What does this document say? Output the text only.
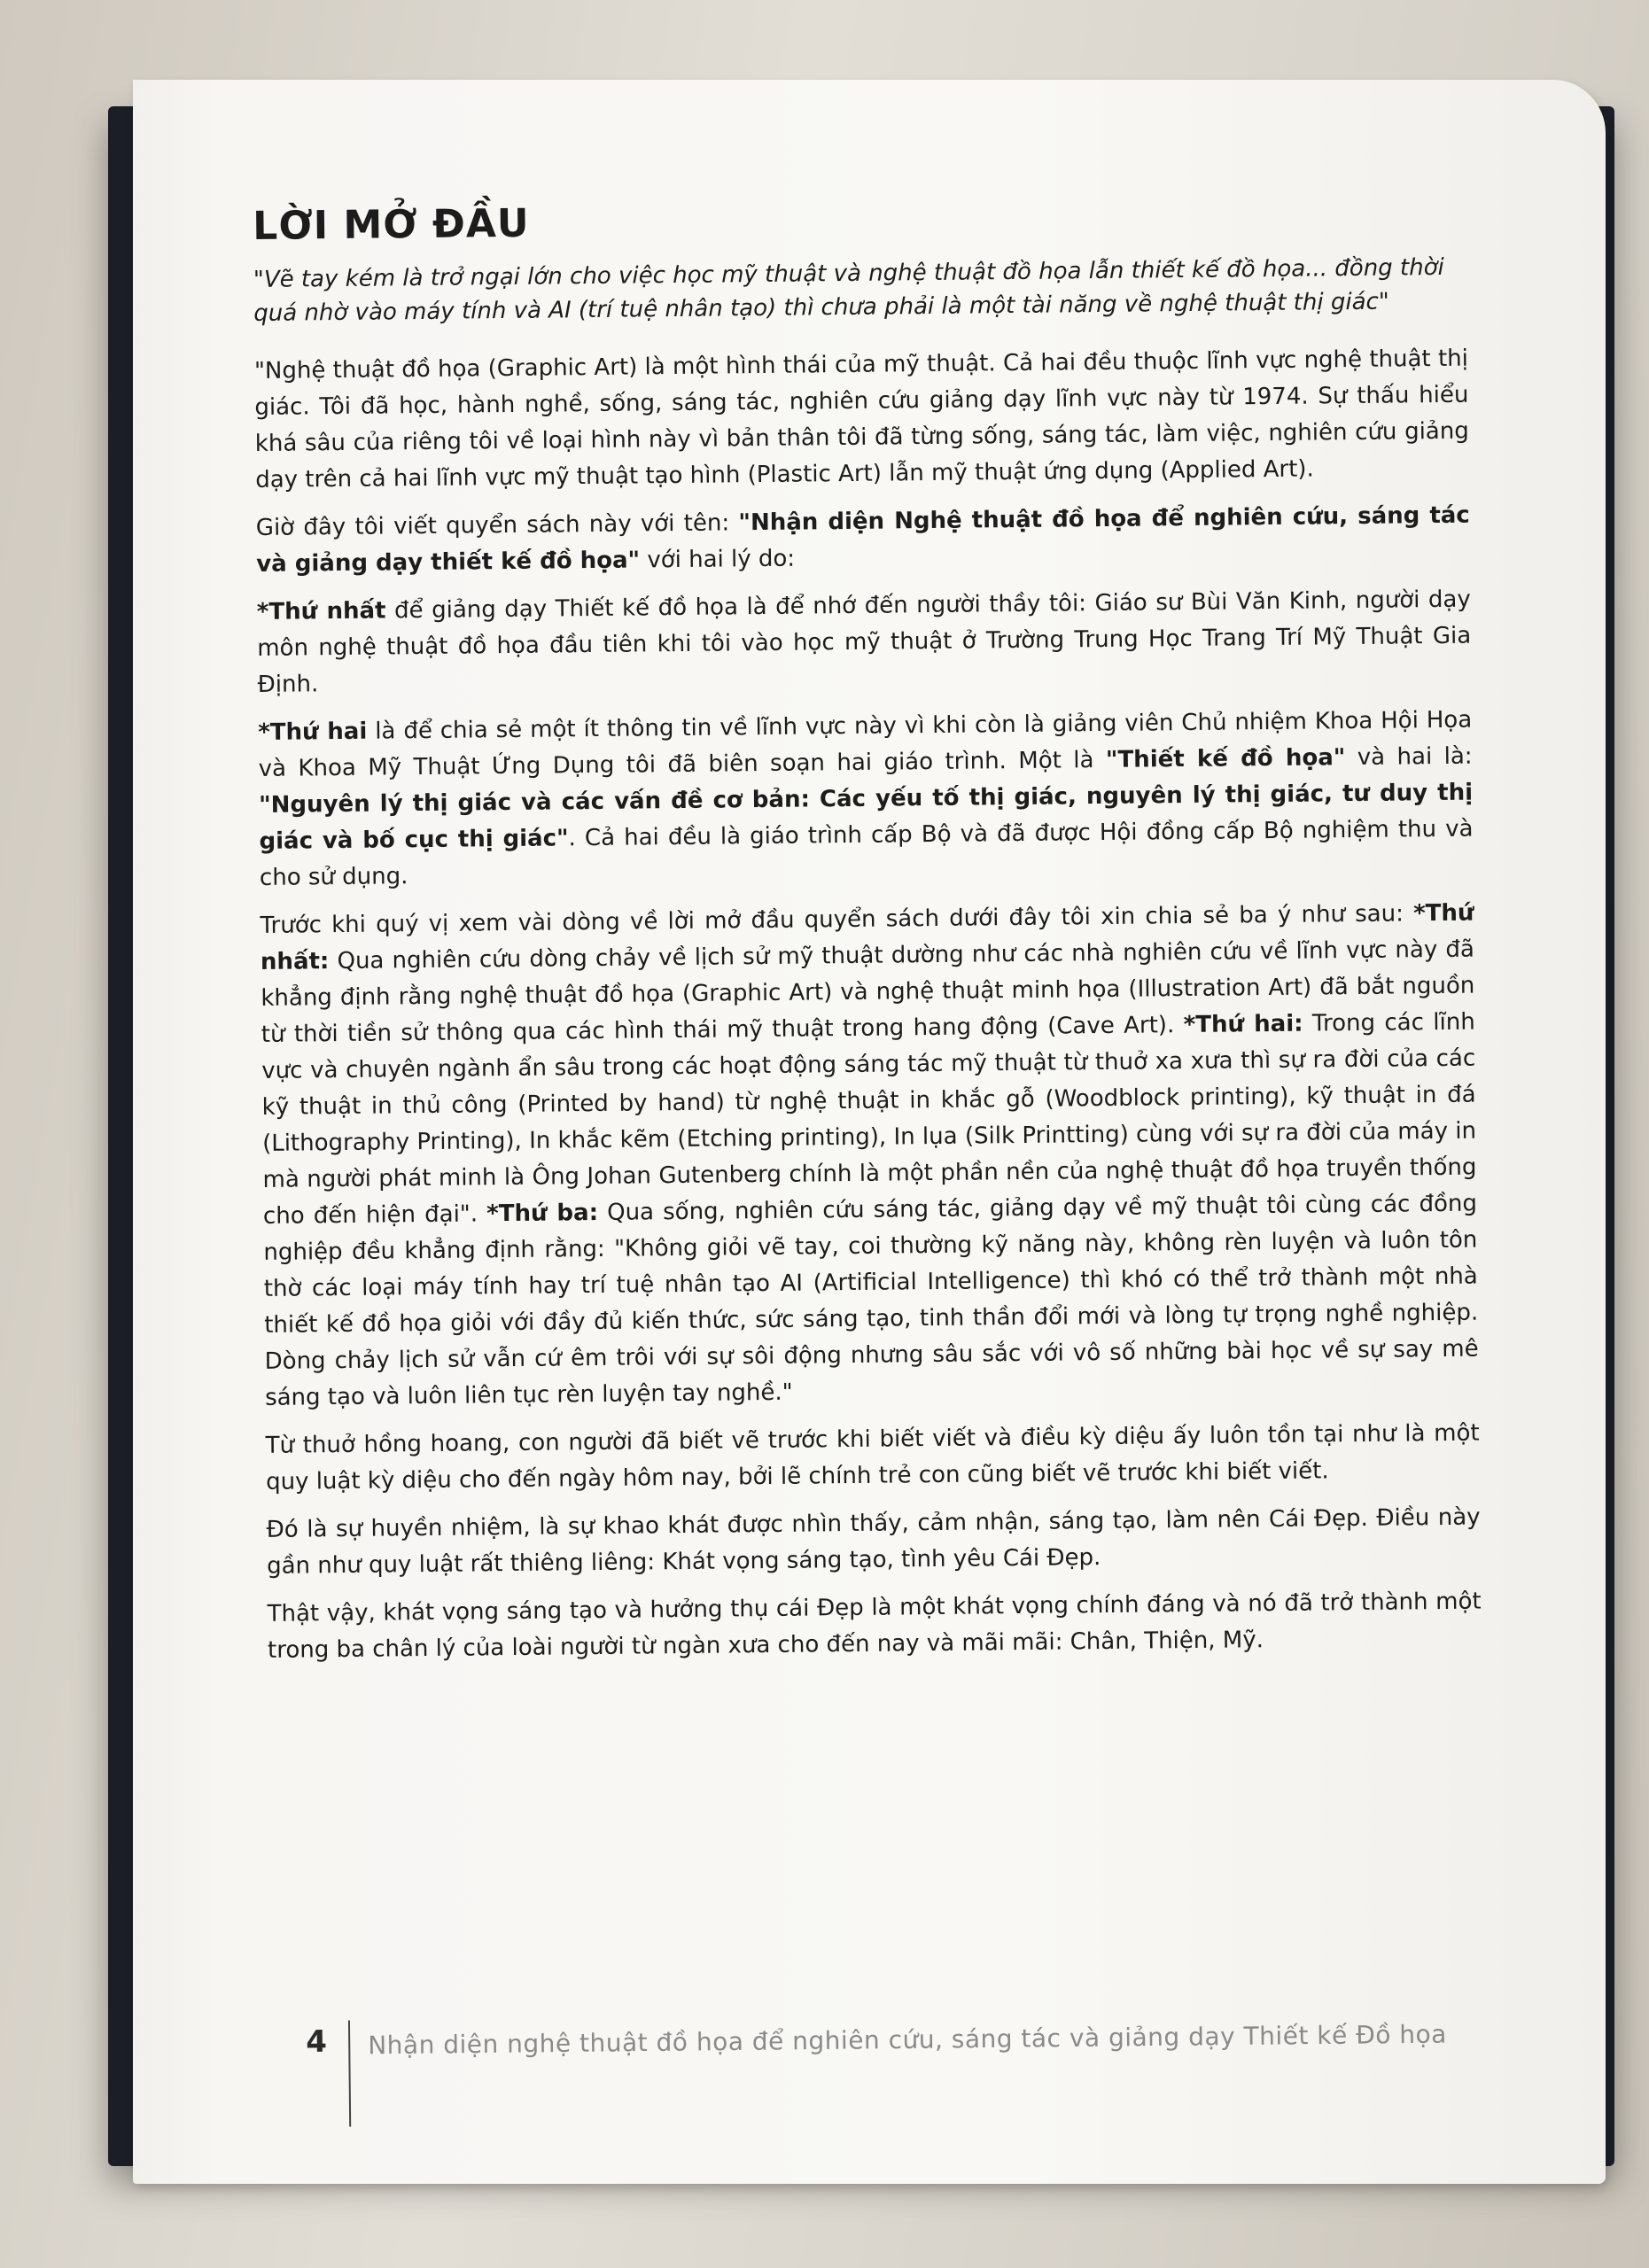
LỜI MỞ ĐẦU

"Vẽ tay kém là trở ngại lớn cho việc học mỹ thuật và nghệ thuật đồ họa lẫn thiết kế đồ họa... đồng thời quá nhờ vào máy tính và AI (trí tuệ nhân tạo) thì chưa phải là một tài năng về nghệ thuật thị giác"

"Nghệ thuật đồ họa (Graphic Art) là một hình thái của mỹ thuật. Cả hai đều thuộc lĩnh vực nghệ thuật thị giác. Tôi đã học, hành nghề, sống, sáng tác, nghiên cứu giảng dạy lĩnh vực này từ 1974. Sự thấu hiểu khá sâu của riêng tôi về loại hình này vì bản thân tôi đã từng sống, sáng tác, làm việc, nghiên cứu giảng dạy trên cả hai lĩnh vực mỹ thuật tạo hình (Plastic Art) lẫn mỹ thuật ứng dụng (Applied Art).

Giờ đây tôi viết quyển sách này với tên: "Nhận diện Nghệ thuật đồ họa để nghiên cứu, sáng tác và giảng dạy thiết kế đồ họa" với hai lý do:

*Thứ nhất để giảng dạy Thiết kế đồ họa là để nhớ đến người thầy tôi: Giáo sư Bùi Văn Kinh, người dạy môn nghệ thuật đồ họa đầu tiên khi tôi vào học mỹ thuật ở Trường Trung Học Trang Trí Mỹ Thuật Gia Định.

*Thứ hai là để chia sẻ một ít thông tin về lĩnh vực này vì khi còn là giảng viên Chủ nhiệm Khoa Hội Họa và Khoa Mỹ Thuật Ứng Dụng tôi đã biên soạn hai giáo trình. Một là "Thiết kế đồ họa" và hai là: "Nguyên lý thị giác và các vấn đề cơ bản: Các yếu tố thị giác, nguyên lý thị giác, tư duy thị giác và bố cục thị giác". Cả hai đều là giáo trình cấp Bộ và đã được Hội đồng cấp Bộ nghiệm thu và cho sử dụng.

Trước khi quý vị xem vài dòng về lời mở đầu quyển sách dưới đây tôi xin chia sẻ ba ý như sau: *Thứ nhất: Qua nghiên cứu dòng chảy về lịch sử mỹ thuật dường như các nhà nghiên cứu về lĩnh vực này đã khẳng định rằng nghệ thuật đồ họa (Graphic Art) và nghệ thuật minh họa (Illustration Art) đã bắt nguồn từ thời tiền sử thông qua các hình thái mỹ thuật trong hang động (Cave Art). *Thứ hai: Trong các lĩnh vực và chuyên ngành ẩn sâu trong các hoạt động sáng tác mỹ thuật từ thuở xa xưa thì sự ra đời của các kỹ thuật in thủ công (Printed by hand) từ nghệ thuật in khắc gỗ (Woodblock printing), kỹ thuật in đá (Lithography Printing), In khắc kẽm (Etching printing), In lụa (Silk Printting) cùng với sự ra đời của máy in mà người phát minh là Ông Johan Gutenberg chính là một phần nền của nghệ thuật đồ họa truyền thống cho đến hiện đại". *Thứ ba: Qua sống, nghiên cứu sáng tác, giảng dạy về mỹ thuật tôi cùng các đồng nghiệp đều khẳng định rằng: "Không giỏi vẽ tay, coi thường kỹ năng này, không rèn luyện và luôn tôn thờ các loại máy tính hay trí tuệ nhân tạo AI (Artificial Intelligence) thì khó có thể trở thành một nhà thiết kế đồ họa giỏi với đầy đủ kiến thức, sức sáng tạo, tinh thần đổi mới và lòng tự trọng nghề nghiệp. Dòng chảy lịch sử vẫn cứ êm trôi với sự sôi động nhưng sâu sắc với vô số những bài học về sự say mê sáng tạo và luôn liên tục rèn luyện tay nghề."

Từ thuở hồng hoang, con người đã biết vẽ trước khi biết viết và điều kỳ diệu ấy luôn tồn tại như là một quy luật kỳ diệu cho đến ngày hôm nay, bởi lẽ chính trẻ con cũng biết vẽ trước khi biết viết.

Đó là sự huyền nhiệm, là sự khao khát được nhìn thấy, cảm nhận, sáng tạo, làm nên Cái Đẹp. Điều này gần như quy luật rất thiêng liêng: Khát vọng sáng tạo, tình yêu Cái Đẹp.

Thật vậy, khát vọng sáng tạo và hưởng thụ cái Đẹp là một khát vọng chính đáng và nó đã trở thành một trong ba chân lý của loài người từ ngàn xưa cho đến nay và mãi mãi: Chân, Thiện, Mỹ.

4 Nhận diện nghệ thuật đồ họa để nghiên cứu, sáng tác và giảng dạy Thiết kế Đồ họa
